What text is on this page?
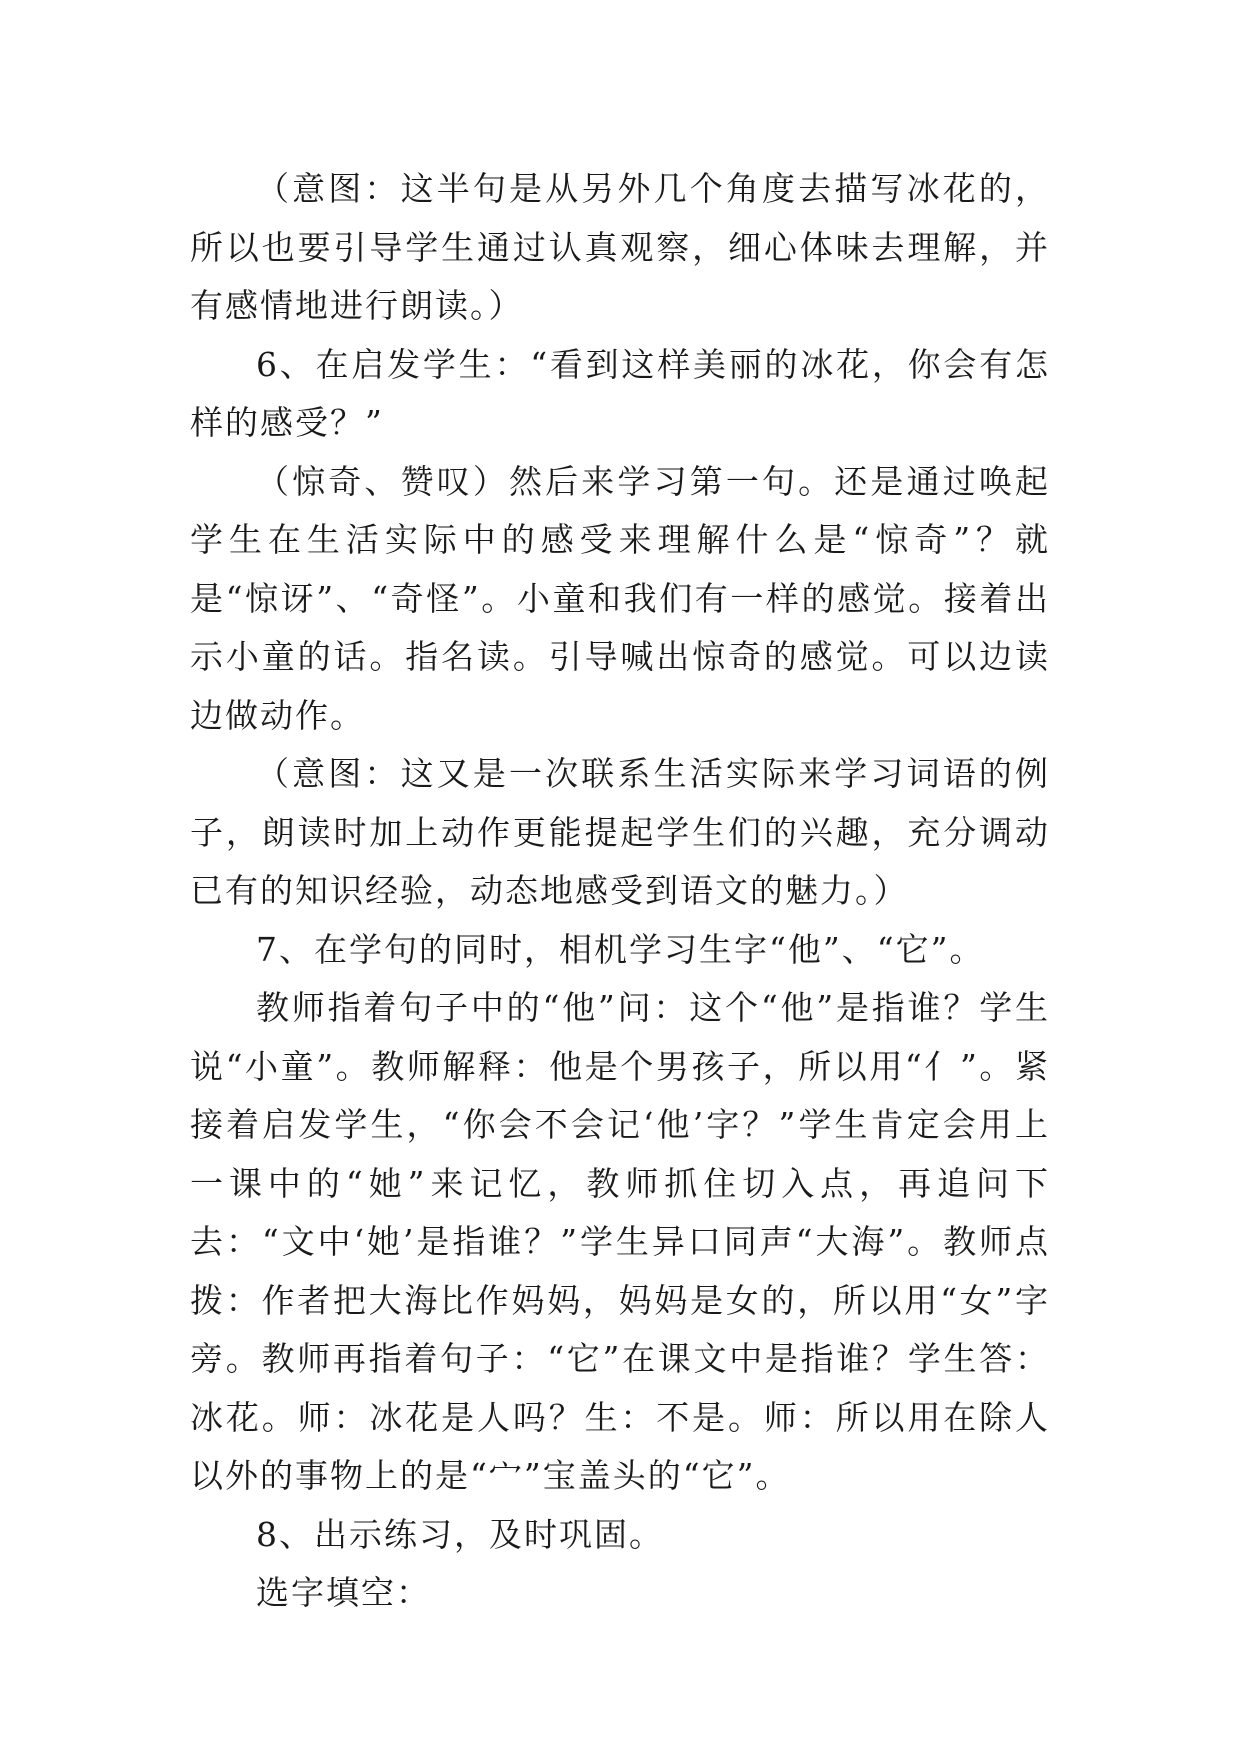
（意图：这半句是从另外几个角度去描写冰花的，所以也要引导学生通过认真观察，细心体味去理解，并有感情地进行朗读。）

6、在启发学生：“看到这样美丽的冰花，你会有怎样的感受？”

（惊奇、赞叹）然后来学习第一句。还是通过唤起学生在生活实际中的感受来理解什么是“惊奇”？就是“惊讶”、“奇怪”。小童和我们有一样的感觉。接着出示小童的话。指名读。引导喊出惊奇的感觉。可以边读边做动作。

（意图：这又是一次联系生活实际来学习词语的例子，朗读时加上动作更能提起学生们的兴趣，充分调动已有的知识经验，动态地感受到语文的魅力。）

7、在学句的同时，相机学习生字“他”、“它”。

教师指着句子中的“他”问：这个“他”是指谁？学生说“小童”。教师解释：他是个男孩子，所以用“亻”。紧接着启发学生，“你会不会记‘他’字？”学生肯定会用上一课中的“她”来记忆，教师抓住切入点，再追问下去：“文中‘她’是指谁？”学生异口同声“大海”。教师点拨：作者把大海比作妈妈，妈妈是女的，所以用“女”字旁。教师再指着句子：“它”在课文中是指谁？学生答：冰花。师：冰花是人吗？生：不是。师：所以用在除人以外的事物上的是“宀”宝盖头的“它”。

8、出示练习，及时巩固。

选字填空：
